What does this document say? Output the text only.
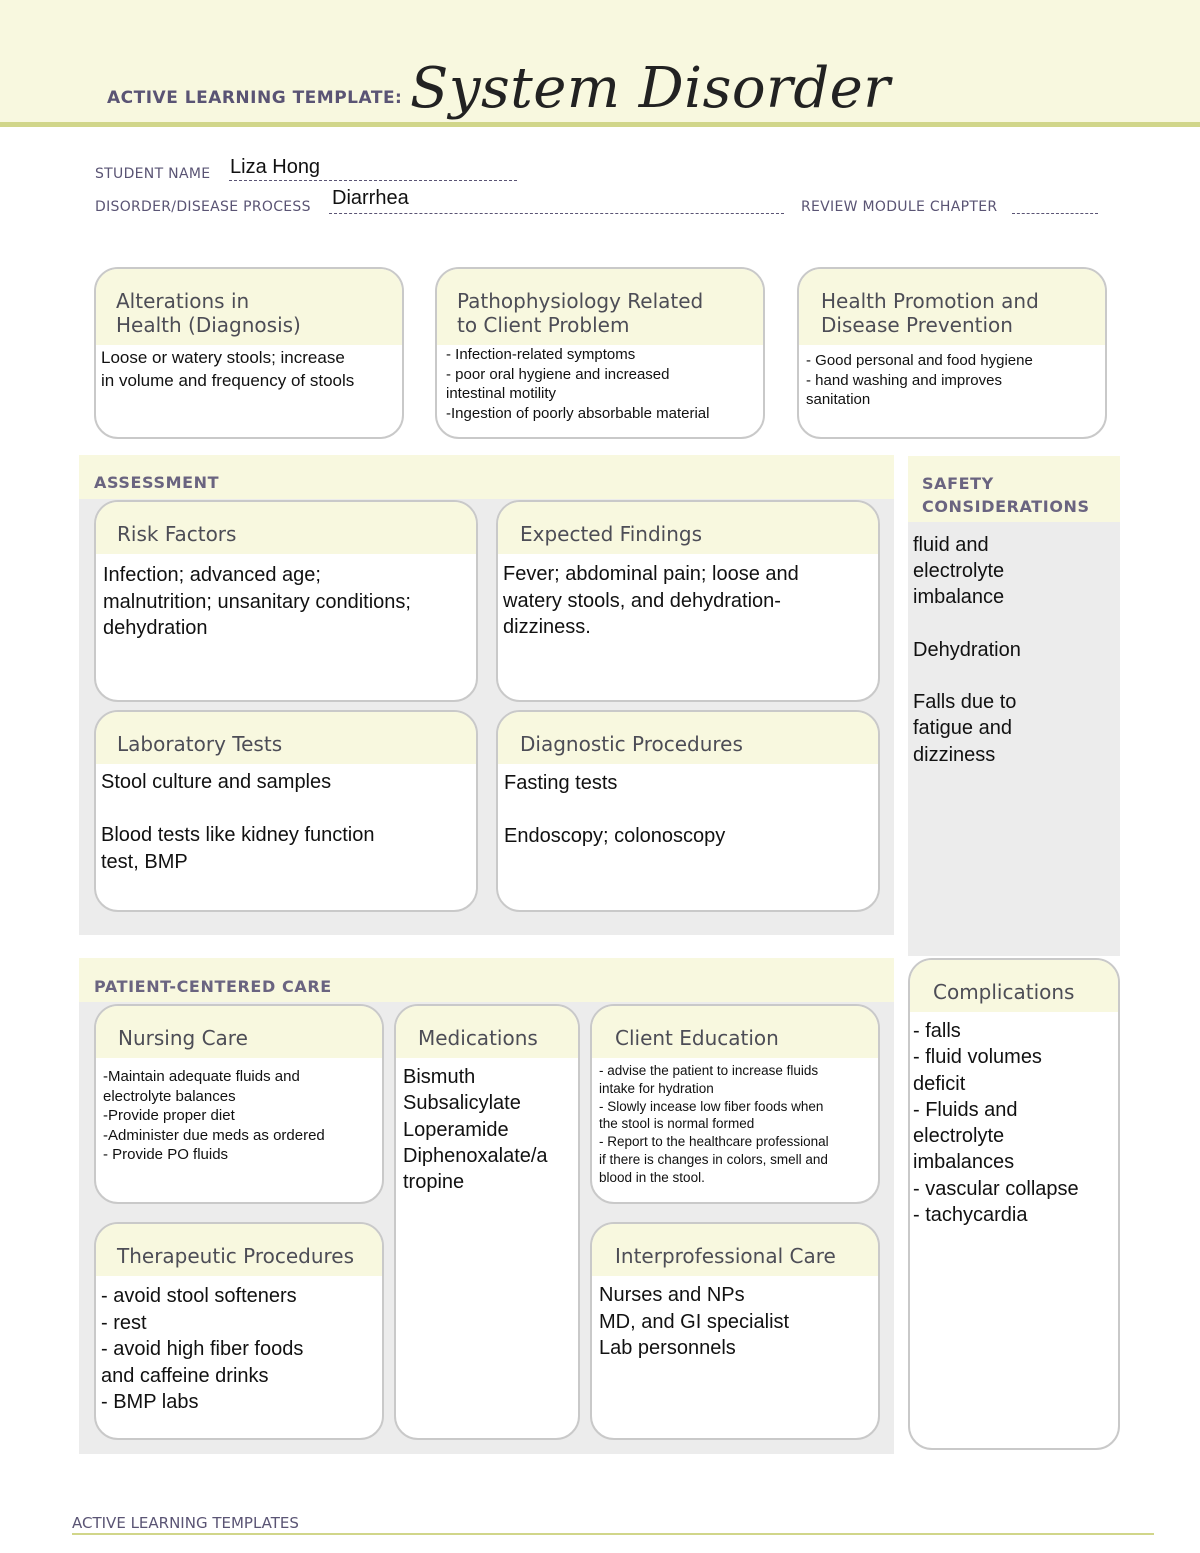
ACTIVE LEARNING TEMPLATE: System Disorder
STUDENT NAME Liza Hong
DISORDER/DISEASE PROCESS Diarrhea	REVIEW MODULE CHAPTER
Alterations in
Health (Diagnosis)
Loose or watery stools; increase
in volume and frequency of stools
Pathophysiology Related
to Client Problem
- Infection-related symptoms
- poor oral hygiene and increased
intestinal motility
-Ingestion of poorly absorbable material
Health Promotion and
Disease Prevention
- Good personal and food hygiene
- hand washing and improves
sanitation
ASSESSMENT
Risk Factors
Infection; advanced age;
malnutrition; unsanitary conditions;
dehydration
Expected Findings
Fever; abdominal pain; loose and
watery stools, and dehydration-
dizziness.
Laboratory Tests
Stool culture and samples

Blood tests like kidney function
test, BMP
Diagnostic Procedures
Fasting tests

Endoscopy; colonoscopy
SAFETY
CONSIDERATIONS
fluid and
electrolyte
imbalance

Dehydration

Falls due to
fatigue and
dizziness
PATIENT-CENTERED CARE
Nursing Care
-Maintain adequate fluids and
electrolyte balances
-Provide proper diet
-Administer due meds as ordered
- Provide PO fluids
Medications
Bismuth
Subsalicylate
Loperamide
Diphenoxalate/a
tropine
Client Education
- advise the patient to increase fluids
intake for hydration
- Slowly incease low fiber foods when
the stool is normal formed
- Report to the healthcare professional
if there is changes in colors, smell and
blood in the stool.
Therapeutic Procedures
- avoid stool softeners
- rest
- avoid high fiber foods
and caffeine drinks
- BMP labs
Interprofessional Care
Nurses and NPs
MD, and GI specialist
Lab personnels
Complications
- falls
- fluid volumes
deficit
- Fluids and
electrolyte
imbalances
- vascular collapse
- tachycardia
ACTIVE LEARNING TEMPLATES
